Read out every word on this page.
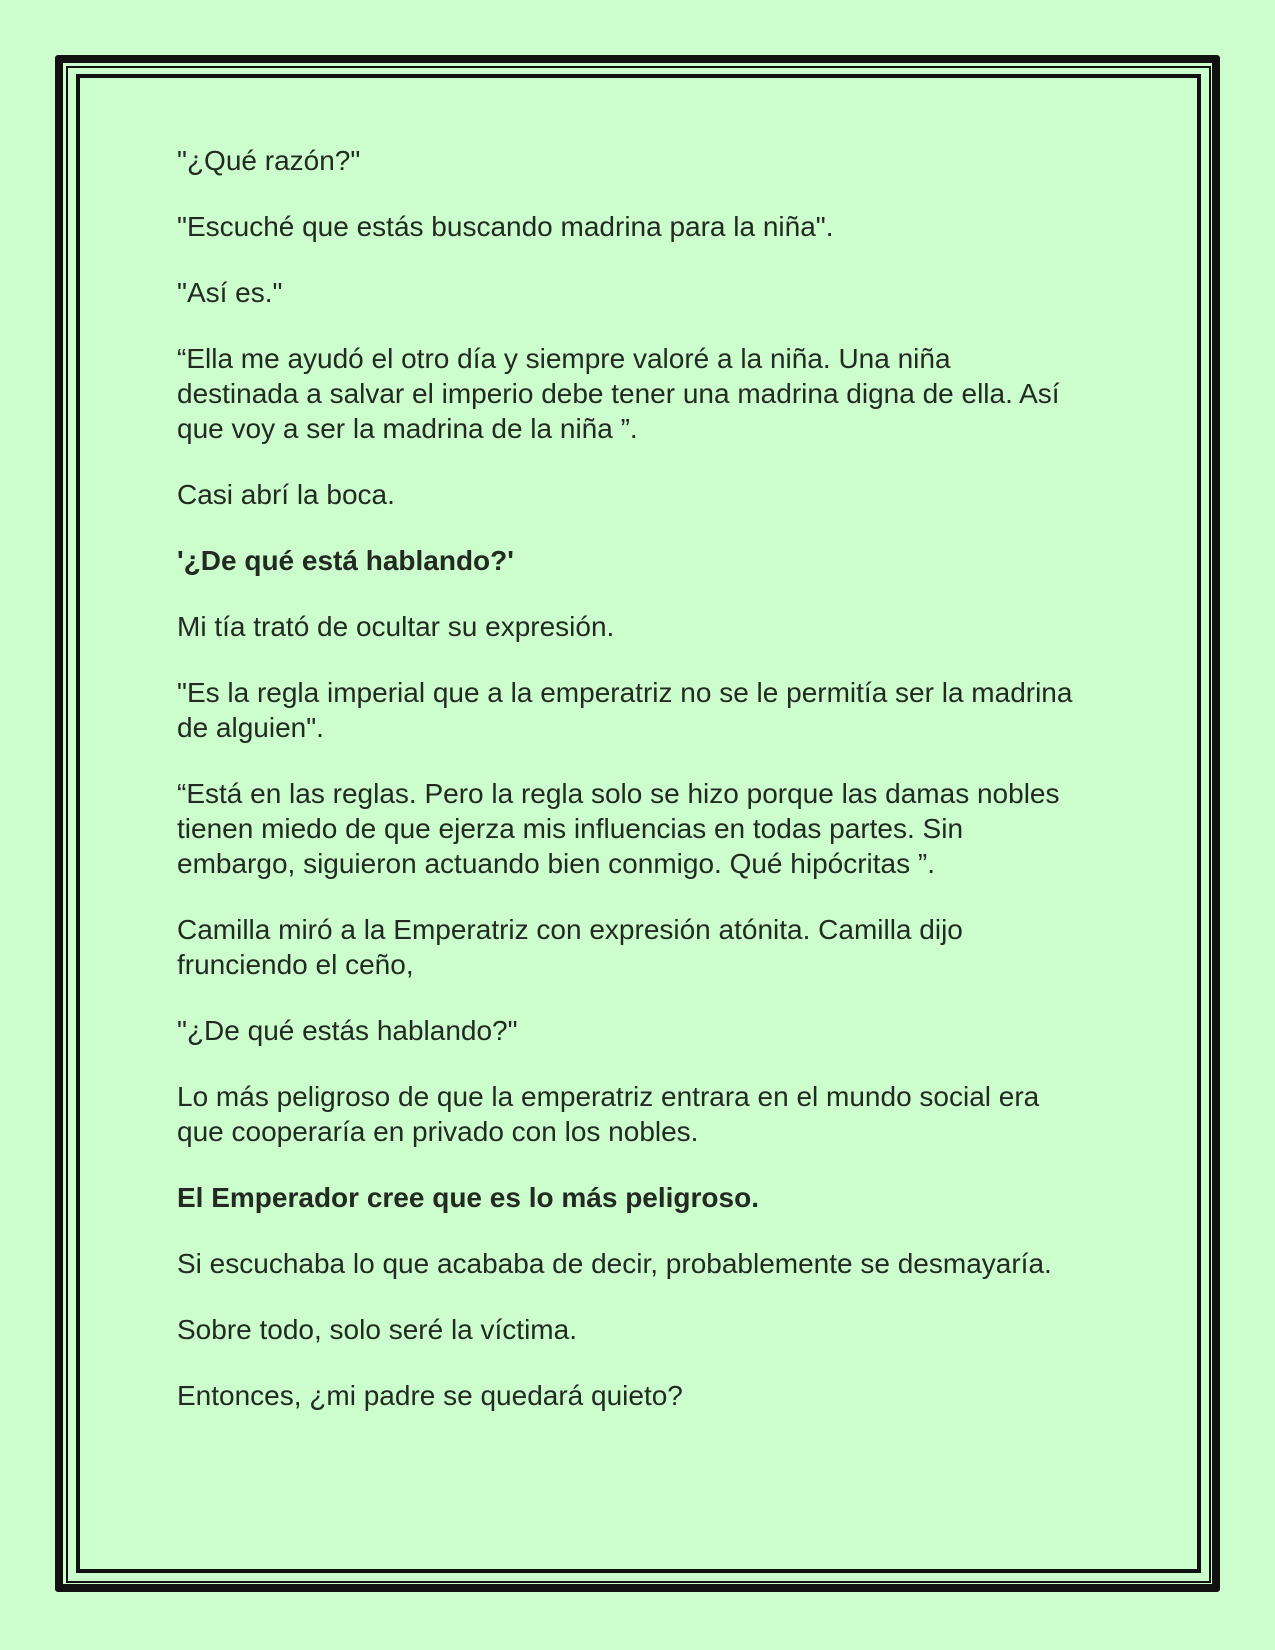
"¿Qué razón?"

"Escuché que estás buscando madrina para la niña".

"Así es."

“Ella me ayudó el otro día y siempre valoré a la niña. Una niña destinada a salvar el imperio debe tener una madrina digna de ella. Así que voy a ser la madrina de la niña ”.

Casi abrí la boca.

'¿De qué está hablando?'

Mi tía trató de ocultar su expresión.

"Es la regla imperial que a la emperatriz no se le permitía ser la madrina de alguien".

“Está en las reglas. Pero la regla solo se hizo porque las damas nobles tienen miedo de que ejerza mis influencias en todas partes. Sin embargo, siguieron actuando bien conmigo. Qué hipócritas ”.

Camilla miró a la Emperatriz con expresión atónita. Camilla dijo frunciendo el ceño,

"¿De qué estás hablando?"

Lo más peligroso de que la emperatriz entrara en el mundo social era que cooperaría en privado con los nobles.

El Emperador cree que es lo más peligroso.

Si escuchaba lo que acababa de decir, probablemente se desmayaría.

Sobre todo, solo seré la víctima.

Entonces, ¿mi padre se quedará quieto?
